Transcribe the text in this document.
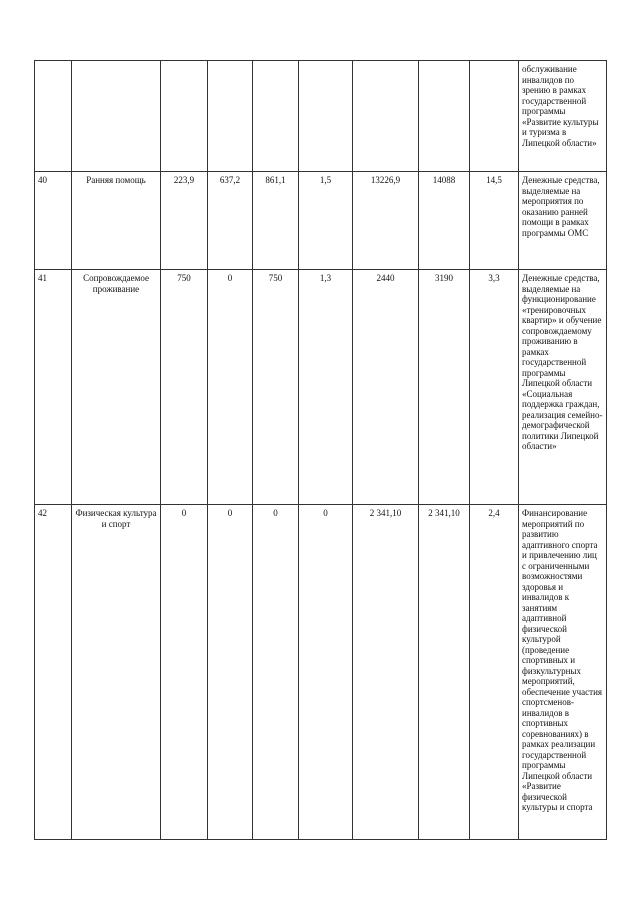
									обслуживание инвалидов по зрению в рамках государственной программы «Развитие культуры и туризма в Липецкой области»
40	Ранняя помощь	223,9	637,2	861,1	1,5	13226,9	14088	14,5	Денежные средства, выделяемые на мероприятия по оказанию ранней помощи в рамках программы ОМС
41	Сопровождаемое проживание	750	0	750	1,3	2440	3190	3,3	Денежные средства, выделяемые на функционирование «тренировочных квартир» и обучение сопровождаемому проживанию в рамках государственной программы Липецкой области «Социальная поддержка граждан, реализация семейно-демографической политики Липецкой области»
42	Физическая культура и спорт	0	0	0	0	2 341,10	2 341,10	2,4	Финансирование мероприятий по развитию адаптивного спорта и привлечению лиц с ограниченными возможностями здоровья и инвалидов к занятиям адаптивной физической культурой (проведение спортивных и физкультурных мероприятий, обеспечение участия спортсменов-инвалидов в спортивных соревнованиях) в рамках реализации государственной программы Липецкой области «Развитие физической культуры и спорта
